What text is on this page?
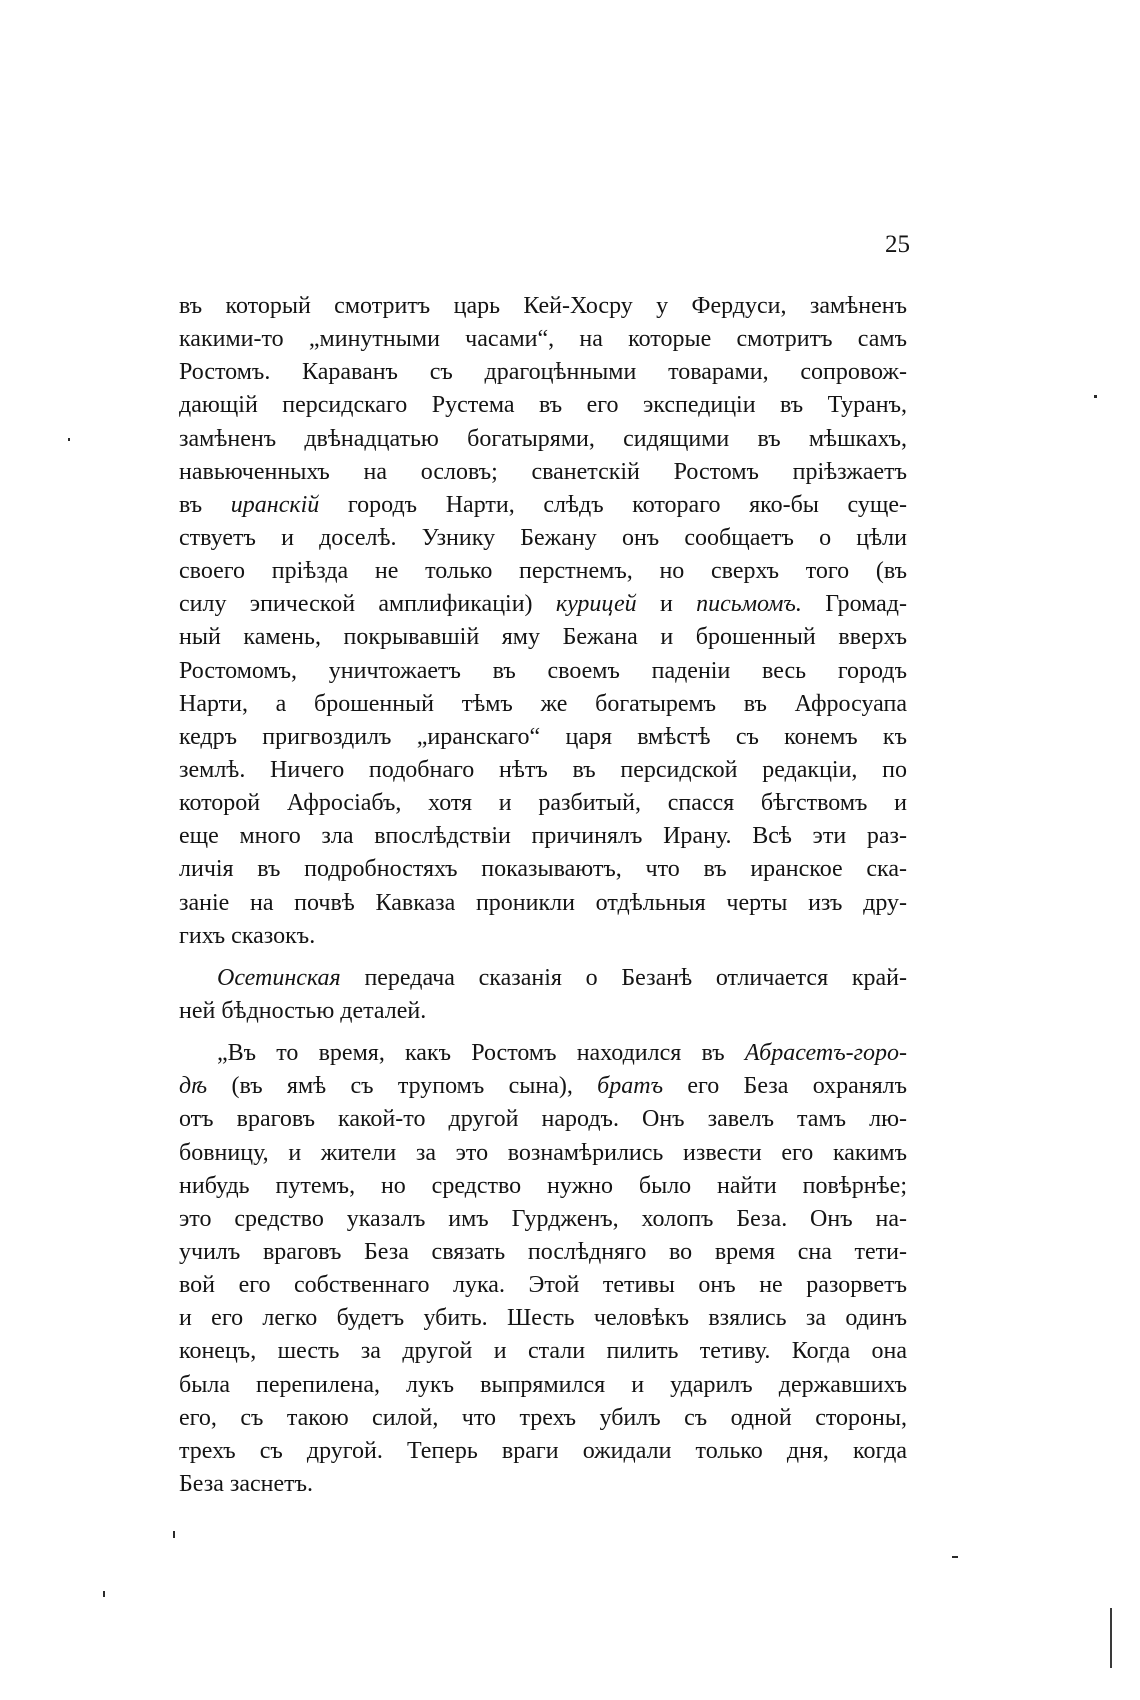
25
въ который смотритъ царь Кей-Хосру у Фердуси, замѣненъ
какими-то „минутными часами“, на которые смотритъ самъ
Ростомъ. Караванъ съ драгоцѣнными товарами, сопровож-
дающій персидскаго Рустема въ его экспедиціи въ Туранъ,
замѣненъ двѣнадцатью богатырями, сидящими въ мѣшкахъ,
навьюченныхъ на ословъ; сванетскій Ростомъ пріѣзжаетъ
въ иранскій городъ Нарти, слѣдъ котораго яко-бы суще-
ствуетъ и доселѣ. Узнику Бежану онъ сообщаетъ о цѣли
своего пріѣзда не только перстнемъ, но сверхъ того (въ
силу эпической амплификаціи) курицей и письмомъ. Громад-
ный камень, покрывавшій яму Бежана и брошенный вверхъ
Ростомомъ, уничтожаетъ въ своемъ паденіи весь городъ
Нарти, а брошенный тѣмъ же богатыремъ въ Афросуапа
кедръ пригвоздилъ „иранскаго“ царя вмѣстѣ съ конемъ къ
землѣ. Ничего подобнаго нѣтъ въ персидской редакціи, по
которой Афросіабъ, хотя и разбитый, спасся бѣгствомъ и
еще много зла впослѣдствіи причинялъ Ирану. Всѣ эти раз-
личія въ подробностяхъ показываютъ, что въ иранское ска-
заніе на почвѣ Кавказа проникли отдѣльныя черты изъ дру-
гихъ сказокъ.
Осетинская передача сказанія о Безанѣ отличается край-
ней бѣдностью деталей.
„Въ то время, какъ Ростомъ находился въ Абрасетъ-горо-
дѣ (въ ямѣ съ трупомъ сына), братъ его Беза охранялъ
отъ враговъ какой-то другой народъ. Онъ завелъ тамъ лю-
бовницу, и жители за это вознамѣрились извести его какимъ
нибудь путемъ, но средство нужно было найти повѣрнѣе;
это средство указалъ имъ Гурдженъ, холопъ Беза. Онъ на-
училъ враговъ Беза связать послѣдняго во время сна тети-
вой его собственнаго лука. Этой тетивы онъ не разорветъ
и его легко будетъ убить. Шесть человѣкъ взялись за одинъ
конецъ, шесть за другой и стали пилить тетиву. Когда она
была перепилена, лукъ выпрямился и ударилъ державшихъ
его, съ такою силой, что трехъ убилъ съ одной стороны,
трехъ съ другой. Теперь враги ожидали только дня, когда
Беза заснетъ.
